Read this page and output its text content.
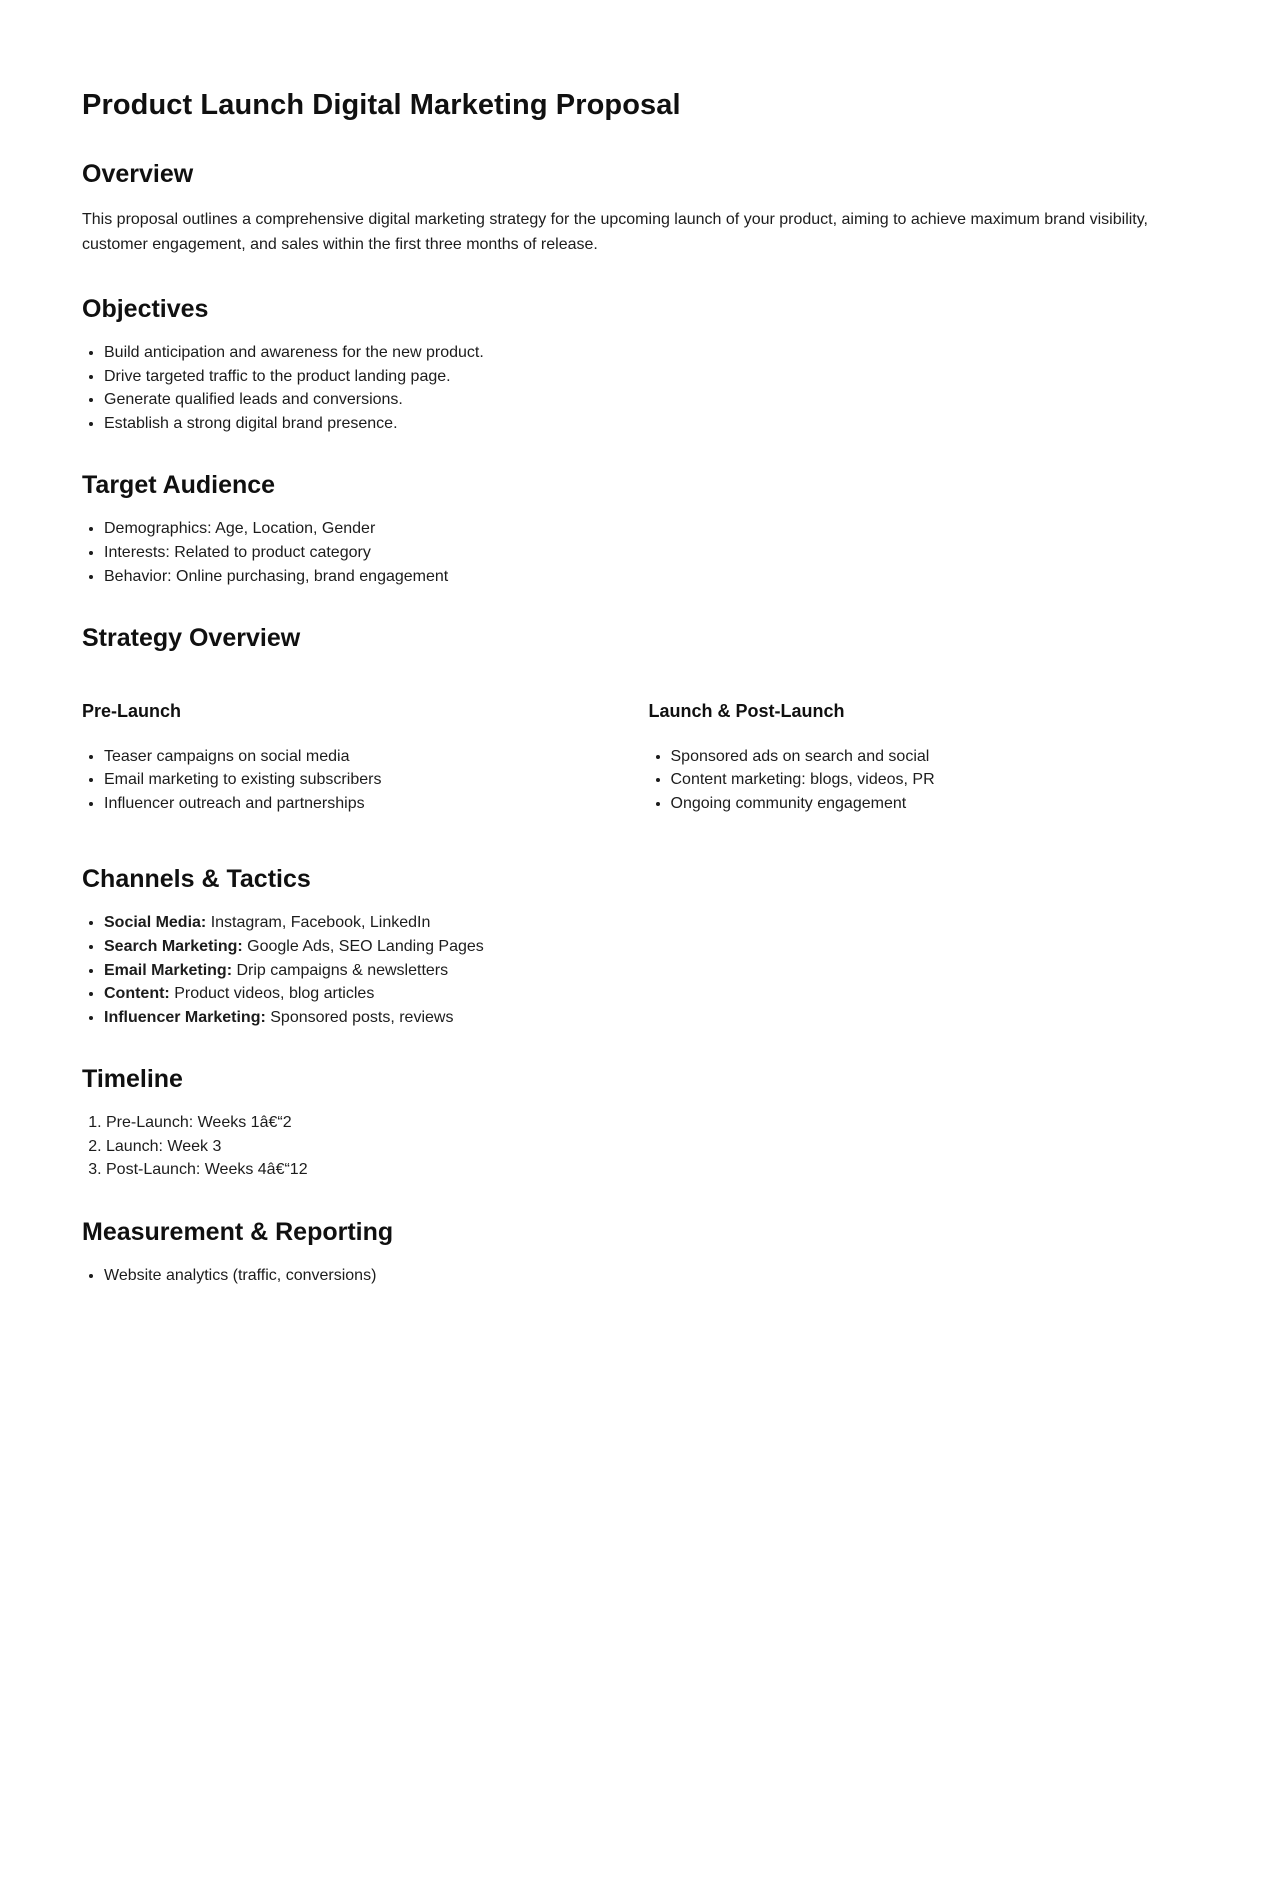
Product Launch Digital Marketing Proposal
Overview

This proposal outlines a comprehensive digital marketing strategy for the upcoming launch of your product, aiming to achieve maximum brand visibility, customer engagement, and sales within the first three months of release.

Objectives
• Build anticipation and awareness for the new product.
• Drive targeted traffic to the product landing page.
• Generate qualified leads and conversions.
• Establish a strong digital brand presence.
Target Audience
• Demographics: Age, Location, Gender
• Interests: Related to product category
• Behavior: Online purchasing, brand engagement
Strategy Overview
Pre-Launch
• Teaser campaigns on social media
• Email marketing to existing subscribers
• Influencer outreach and partnerships
Launch & Post-Launch
• Sponsored ads on search and social
• Content marketing: blogs, videos, PR
• Ongoing community engagement
Channels & Tactics
• Social Media: Instagram, Facebook, LinkedIn
• Search Marketing: Google Ads, SEO Landing Pages
• Email Marketing: Drip campaigns & newsletters
• Content: Product videos, blog articles
• Influencer Marketing: Sponsored posts, reviews
Timeline
1. Pre-Launch: Weeks 1â€“2
2. Launch: Week 3
3. Post-Launch: Weeks 4â€“12
Measurement & Reporting
• Website analytics (traffic, conversions)
